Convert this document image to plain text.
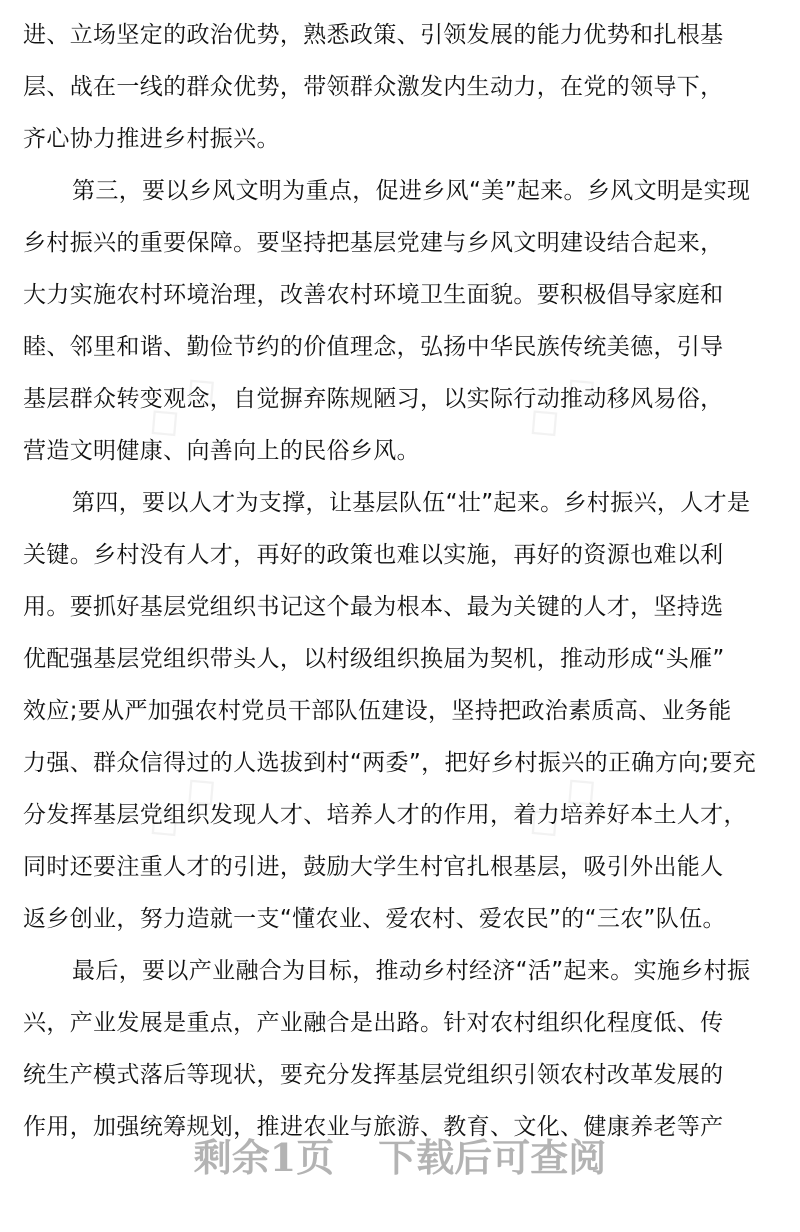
◇ ◇	◇ ◇
◇ ◇	◇ ◇
进、立场坚定的政治优势，熟悉政策、引领发展的能力优势和扎根基
层、战在一线的群众优势，带领群众激发内生动力，在党的领导下，
齐心协力推进乡村振兴。
第三，要以乡风文明为重点，促进乡风“美”起来。乡风文明是实现
乡村振兴的重要保障。要坚持把基层党建与乡风文明建设结合起来，
大力实施农村环境治理，改善农村环境卫生面貌。要积极倡导家庭和
睦、邻里和谐、勤俭节约的价值理念，弘扬中华民族传统美德，引导
基层群众转变观念，自觉摒弃陈规陋习，以实际行动推动移风易俗，
营造文明健康、向善向上的民俗乡风。
第四，要以人才为支撑，让基层队伍“壮”起来。乡村振兴，人才是
关键。乡村没有人才，再好的政策也难以实施，再好的资源也难以利
用。要抓好基层党组织书记这个最为根本、最为关键的人才，坚持选
优配强基层党组织带头人，以村级组织换届为契机，推动形成“头雁”
效应;要从严加强农村党员干部队伍建设，坚持把政治素质高、业务能
力强、群众信得过的人选拔到村“两委”，把好乡村振兴的正确方向;要充
分发挥基层党组织发现人才、培养人才的作用，着力培养好本土人才，
同时还要注重人才的引进，鼓励大学生村官扎根基层，吸引外出能人
返乡创业，努力造就一支“懂农业、爱农村、爱农民”的“三农”队伍。
最后，要以产业融合为目标，推动乡村经济“活”起来。实施乡村振
兴，产业发展是重点，产业融合是出路。针对农村组织化程度低、传
统生产模式落后等现状，要充分发挥基层党组织引领农村改革发展的
作用，加强统筹规划，推进农业与旅游、教育、文化、健康养老等产
剩余1页 下载后可查阅
